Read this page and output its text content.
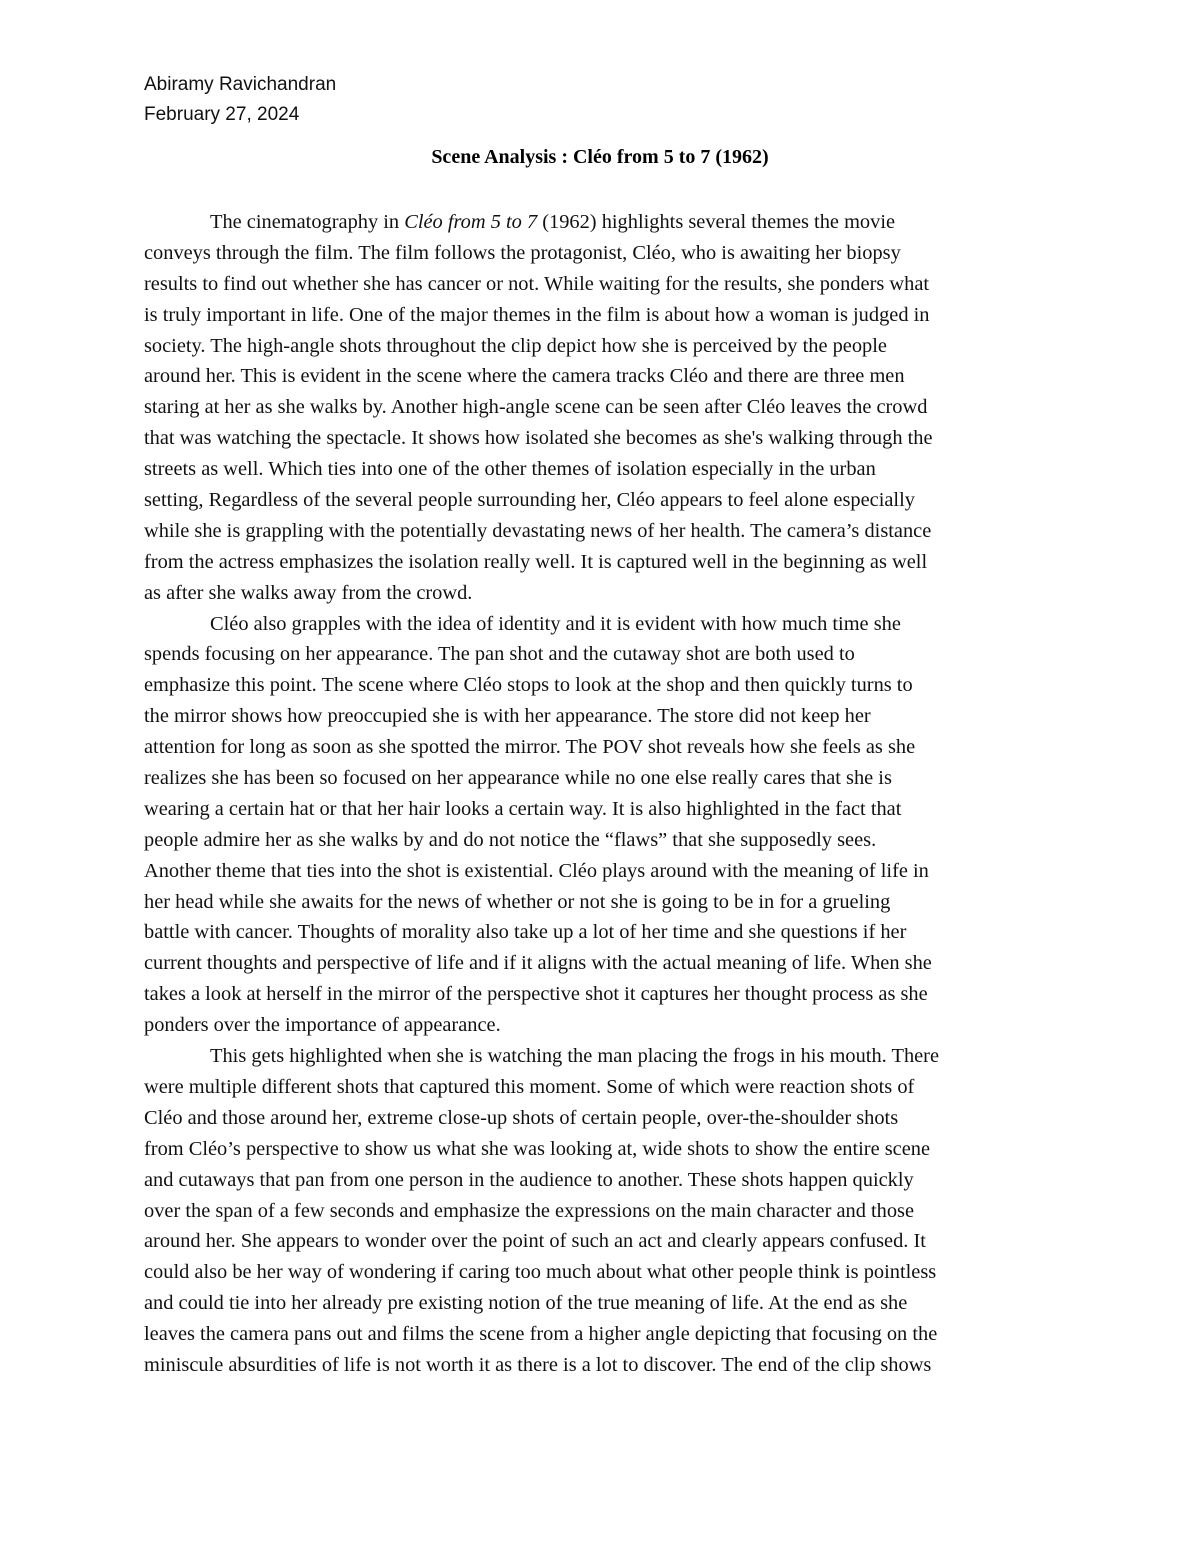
Abiramy Ravichandran
February 27, 2024
Scene Analysis : Cléo from 5 to 7 (1962)
The cinematography in Cléo from 5 to 7 (1962) highlights several themes the movie
conveys through the film. The film follows the protagonist, Cléo, who is awaiting her biopsy
results to find out whether she has cancer or not. While waiting for the results, she ponders what
is truly important in life. One of the major themes in the film is about how a woman is judged in
society. The high-angle shots throughout the clip depict how she is perceived by the people
around her. This is evident in the scene where the camera tracks Cléo and there are three men
staring at her as she walks by. Another high-angle scene can be seen after Cléo leaves the crowd
that was watching the spectacle. It shows how isolated she becomes as she's walking through the
streets as well. Which ties into one of the other themes of isolation especially in the urban
setting, Regardless of the several people surrounding her, Cléo appears to feel alone especially
while she is grappling with the potentially devastating news of her health. The camera’s distance
from the actress emphasizes the isolation really well. It is captured well in the beginning as well
as after she walks away from the crowd.
Cléo also grapples with the idea of identity and it is evident with how much time she
spends focusing on her appearance. The pan shot and the cutaway shot are both used to
emphasize this point. The scene where Cléo stops to look at the shop and then quickly turns to
the mirror shows how preoccupied she is with her appearance. The store did not keep her
attention for long as soon as she spotted the mirror. The POV shot reveals how she feels as she
realizes she has been so focused on her appearance while no one else really cares that she is
wearing a certain hat or that her hair looks a certain way. It is also highlighted in the fact that
people admire her as she walks by and do not notice the “flaws” that she supposedly sees.
Another theme that ties into the shot is existential. Cléo plays around with the meaning of life in
her head while she awaits for the news of whether or not she is going to be in for a grueling
battle with cancer. Thoughts of morality also take up a lot of her time and she questions if her
current thoughts and perspective of life and if it aligns with the actual meaning of life. When she
takes a look at herself in the mirror of the perspective shot it captures her thought process as she
ponders over the importance of appearance.
This gets highlighted when she is watching the man placing the frogs in his mouth. There
were multiple different shots that captured this moment. Some of which were reaction shots of
Cléo and those around her, extreme close-up shots of certain people, over-the-shoulder shots
from Cléo’s perspective to show us what she was looking at, wide shots to show the entire scene
and cutaways that pan from one person in the audience to another. These shots happen quickly
over the span of a few seconds and emphasize the expressions on the main character and those
around her. She appears to wonder over the point of such an act and clearly appears confused. It
could also be her way of wondering if caring too much about what other people think is pointless
and could tie into her already pre existing notion of the true meaning of life. At the end as she
leaves the camera pans out and films the scene from a higher angle depicting that focusing on the
miniscule absurdities of life is not worth it as there is a lot to discover. The end of the clip shows
